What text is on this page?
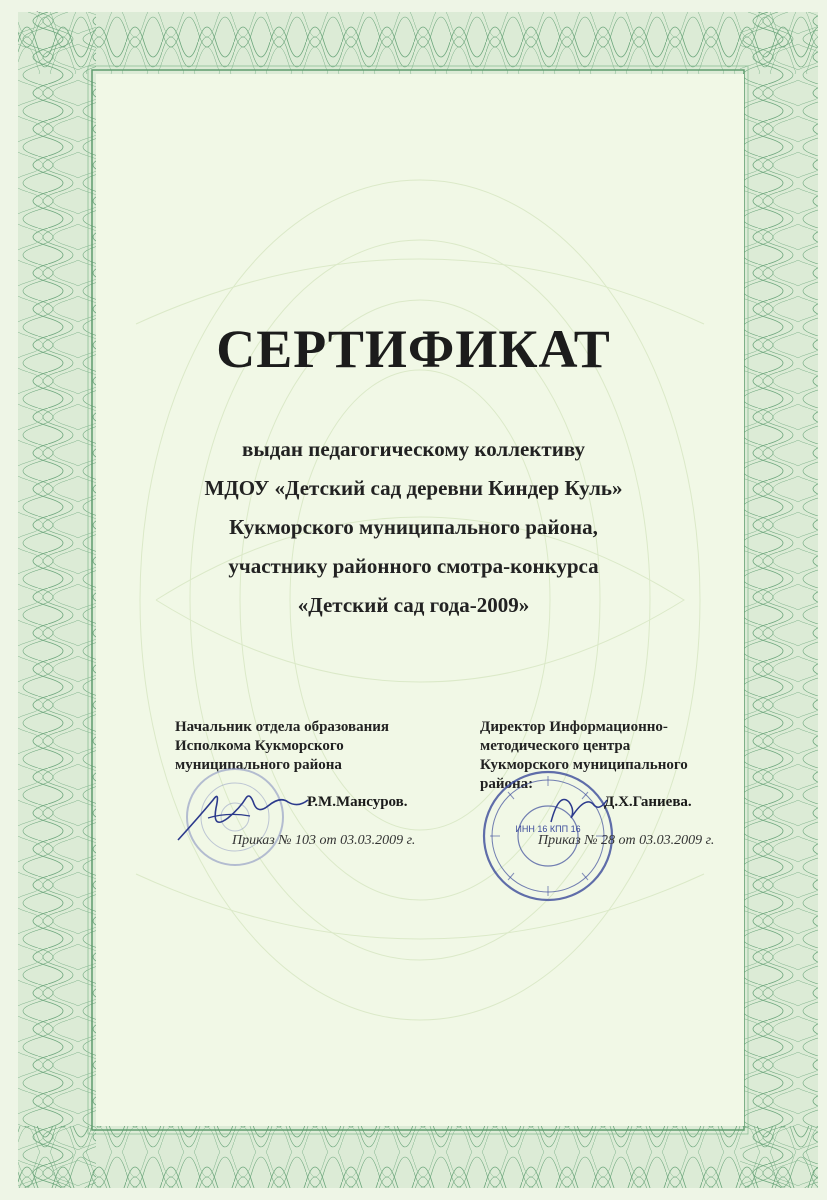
СЕРТИФИКАТ
выдан педагогическому коллективу
МДОУ «Детский сад деревни Киндер Куль»
Кукморского муниципального района,
участнику районного смотра-конкурса
«Детский сад года-2009»
Начальник отдела образования
Исполкома Кукморского
муниципального района
Р.М.Мансуров.
Приказ № 103 от 03.03.2009 г.
Директор Информационно-
методического центра
Кукморского муниципального
района:
ИНН 16 КПП 16
Д.Х.Ганиева.
Приказ № 28 от 03.03.2009 г.
